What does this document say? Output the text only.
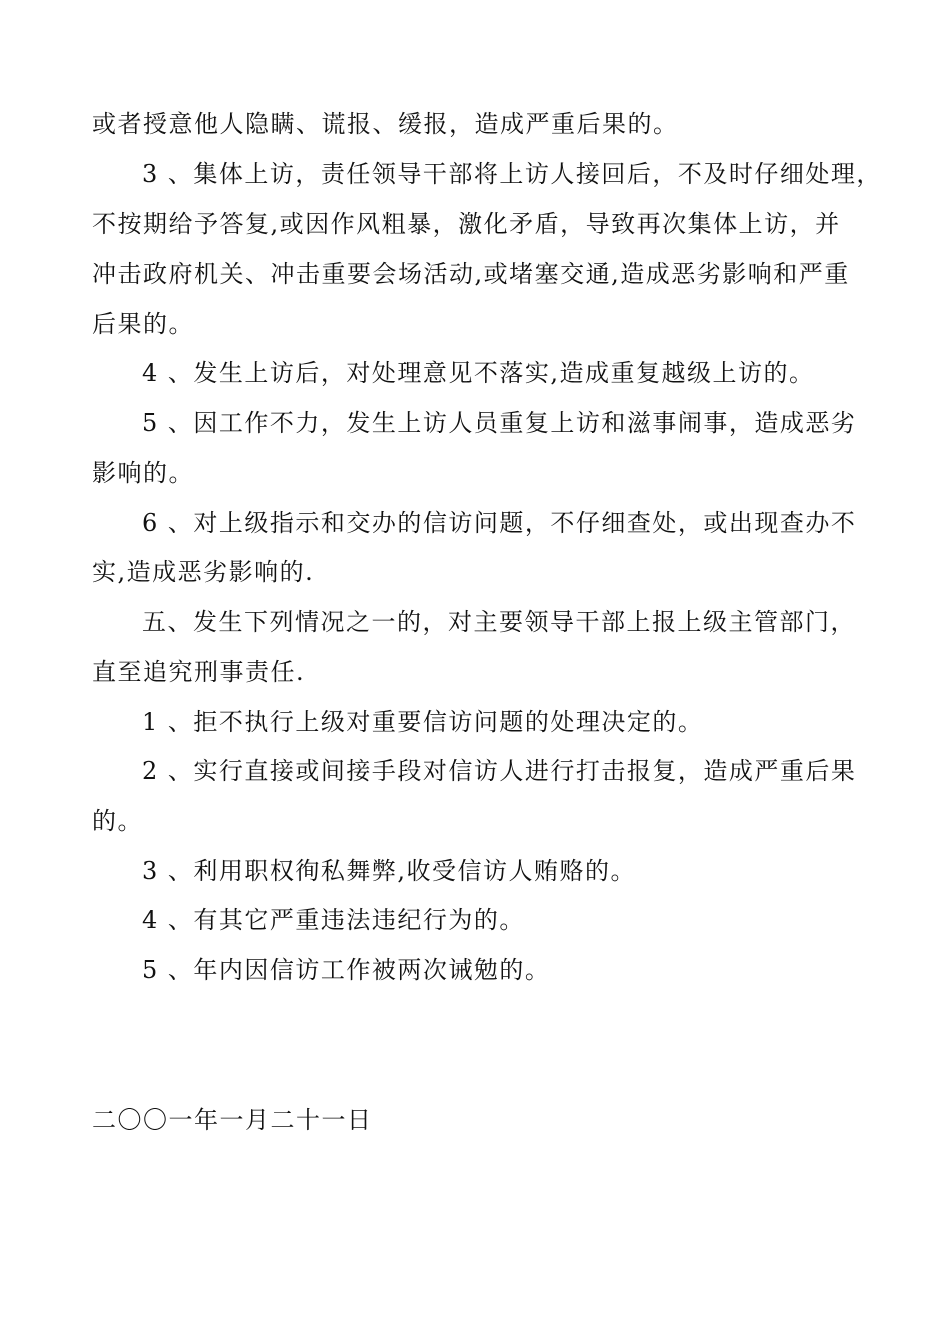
或者授意他人隐瞒、谎报、缓报，造成严重后果的。
3 、集体上访，责任领导干部将上访人接回后，不及时仔细处理，
不按期给予答复,或因作风粗暴，激化矛盾，导致再次集体上访，并
冲击政府机关、冲击重要会场活动,或堵塞交通,造成恶劣影响和严重
后果的。
4 、发生上访后，对处理意见不落实,造成重复越级上访的。
5 、因工作不力，发生上访人员重复上访和滋事闹事，造成恶劣
影响的。
6 、对上级指示和交办的信访问题，不仔细查处，或出现查办不
实,造成恶劣影响的.
五、发生下列情况之一的，对主要领导干部上报上级主管部门，
直至追究刑事责任.
1 、拒不执行上级对重要信访问题的处理决定的。
2 、实行直接或间接手段对信访人进行打击报复，造成严重后果
的。
3 、利用职权徇私舞弊,收受信访人贿赂的。
4 、有其它严重违法违纪行为的。
5 、年内因信访工作被两次诫勉的。
二〇〇一年一月二十一日
